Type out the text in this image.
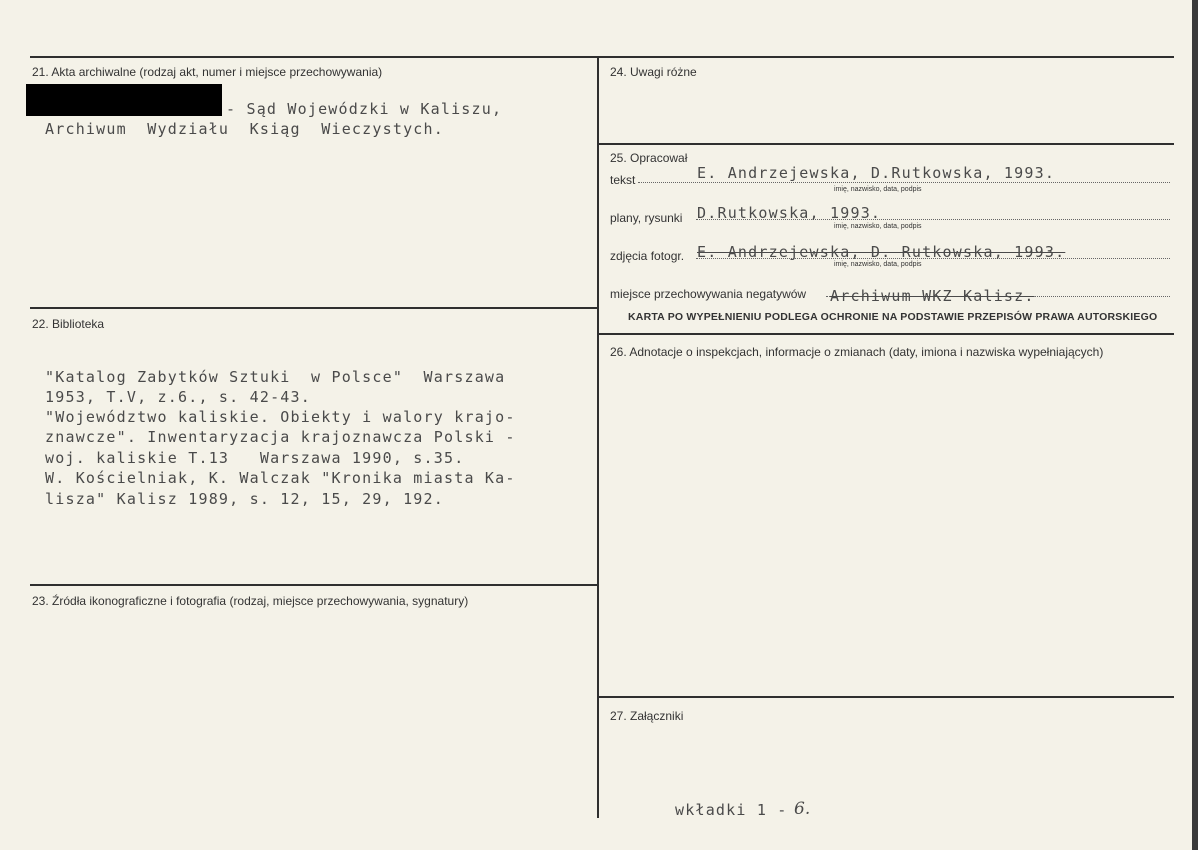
21. Akta archiwalne (rodzaj akt, numer i miejsce przechowywania)
- Sąd Wojewódzki w Kaliszu,
Archiwum  Wydziału  Ksiąg  Wieczystych.
22. Biblioteka
"Katalog Zabytków Sztuki  w Polsce"  Warszawa
1953, T.V, z.6., s. 42-43.
"Województwo kaliskie. Obiekty i walory krajo-
znawcze". Inwentaryzacja krajoznawcza Polski -
woj. kaliskie T.13   Warszawa 1990, s.35.
W. Kościelniak, K. Walczak "Kronika miasta Ka-
lisza" Kalisz 1989, s. 12, 15, 29, 192.
23. Źródła ikonograficzne i fotografia (rodzaj, miejsce przechowywania, sygnatury)
24. Uwagi różne
25. Opracował
tekst	E. Andrzejewska, D.Rutkowska, 1993.
imię, nazwisko, data, podpis
plany, rysunki D.Rutkowska, 1993.
imię, nazwisko, data, podpis
zdjęcia fotogr. E. Andrzejewska, D. Rutkowska, 1993.
imię, nazwisko, data, podpis
miejsce przechowywania negatywów Archiwum WKZ Kalisz.
KARTA PO WYPEŁNIENIU PODLEGA OCHRONIE NA PODSTAWIE PRZEPISÓW PRAWA AUTORSKIEGO
26. Adnotacje o inspekcjach, informacje o zmianach (daty, imiona i nazwiska wypełniających)
27. Załączniki
wkładki 1 - 6.
